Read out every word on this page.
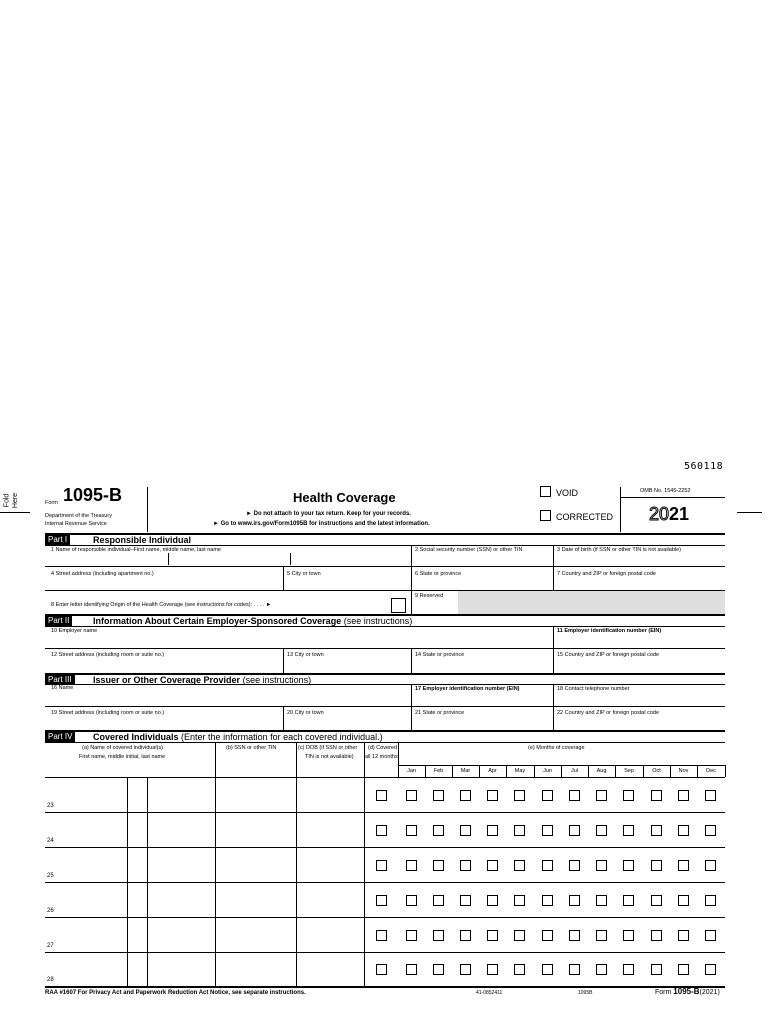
560118
Fold Here	Form 1095-B
Department of the Treasury
Internal Revenue Service
Health Coverage
► Do not attach to your tax return. Keep for your records.
► Go to www.irs.gov/Form1095B for instructions and the latest information.
VOID
CORRECTED
OMB No. 1545-2252
2021
Part I	Responsible Individual
1 Name of responsible individual–First name, middle name, last name	2 Social security number (SSN) or other TIN	3 Date of birth (if SSN or other TIN is not available)
4 Street address (including apartment no.)	5 City or town	6 State or province	7 Country and ZIP or foreign postal code
9 Reserved
8 Enter letter identifying Origin of the Health Coverage (see instructions for codes): . . . . ►
Part II	Information About Certain Employer-Sponsored Coverage (see instructions)
10 Employer name	11 Employer identification number (EIN)
12 Street address (including room or suite no.)	13 City or town	14 State or province	15 Country and ZIP or foreign postal code
Part III	Issuer or Other Coverage Provider (see instructions)
16 Name	17 Employer identification number (EIN)	18 Contact telephone number
19 Street address (including room or suite no.)	20 City or town	21 State or province	22 Country and ZIP or foreign postal code
Part IV	Covered Individuals (Enter the information for each covered individual.)
(a) Name of covered individual(s)
First name, middle initial, last name
(b) SSN or other TIN	(c) DOB (if SSN or other
TIN is not available)
(d) Covered
all 12 months
(e) Months of coverage
Jan	Feb	Mar	Apr	May	Jun	Jul	Aug	Sep	Oct	Nov	Dec
23
24
25
26
27
28
RAA #1607 For Privacy Act and Paperwork Reduction Act Notice, see separate instructions.	41-0852411	1095B	Form 1095-B(2021)
